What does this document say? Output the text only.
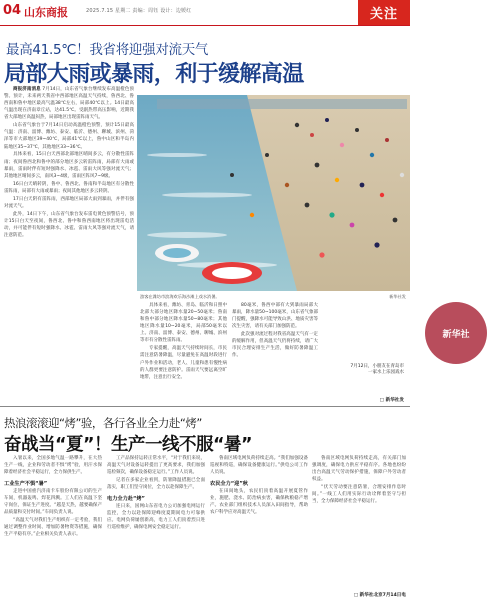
04 山东商报	2025.7.15 星期二 责编：周钰 设计：边媛红	关注
最高41.5℃！我省将迎强对流天气
局部大雨或暴雨，利于缓解高温

商报济南消息 7月14日，山东省气象台继续发布高温橙色预警。预计，未来两天我省中西部地区高温天气持续，鲁西北、鲁西南和鲁中地区最高气温38℃左右，局部40℃以上。14日最高气温出现在济南章丘站，达41.5℃。受副热带高压影响，近期我省大部地区高温闷热，局部地区出现雷阵雨天气。

山东省气象台于7月14日启动高温橙色预警，预计15日最高气温：济南、淄博、潍坊、泰安、临沂、德州、聊城、滨州、菏泽等市大部地区39~40℃，局部41℃以上，鲁中山区和半岛内陆地区35~37℃，其他地区33~36℃。

具体来看，15日白天西部北部地区晴间多云，有分散性雷阵雨；夜间鲁西北和鲁中的部分地区多云转雷阵雨，局部有大雨或暴雨，雷雨时伴有短时强降水、冰雹、雷雨大风等强对流天气；其他地区晴间多云，南风3~4级，雷雨区阵风7~9级。

16日白天晴转阴，鲁中、鲁西北、鲁南和半岛地区有分散性雷阵雨，局部有大雨或暴雨；夜间其他地区多云转阴。

17日白天阴有雷阵雨，西部地区局部大雨到暴雨，并伴有强对流天气。

此外，14日下午，山东省气象台发布雷电黄色预警信号，预计15日白天至夜间，鲁西北、鲁中和鲁西南地区将出现雷电活动，并可能伴有短时强降水、冰雹、雷雨大风等强对流天气，请注意防范。

新华社
7月12日，小朋友在青岛市
一家水上乐园戏水
游客在潍坊市滨海欢乐海沙滩上戏水消暑。	新华社发

具体来看，潍坊、青岛、临沂和日照中北部大部分地区降水量20~50毫米；鲁南和鲁中部分地区降水量50~80毫米；其他地区降水量10~20毫米，局部50毫米以上。济南、淄博、泰安、德州、聊城、滨州等市有分散性雷阵雨。

专家提醒，高温天气持续时间长，市民需注意防暑降温，尽量避免在高温时段进行户外作业和活动，老人、儿童和患有慢性病的人群更要注意防护。雷雨天气要远离空旷地带，注意出行安全。

80毫米，鲁西中部有大到暴雨局部大暴雨，降水量50~100毫米，山东省气象部门提醒，强降水可能导致山洪、地质灾害等次生灾害，请有关部门加强防范。

此次强对流过程对我省高温天气有一定的缓解作用，但高温天气仍将持续，请广大市民合理安排生产生活，做好防暑降温工作。

□ 新华社发
热浪滚滚迎“烤”验，各行各业全力赴“烤”
奋战当“夏”！生产一线不服“暑”

入暑以来，全国多地气温一路攀升，在大热生产一线，企业和劳动者不惧“烤”验，用汗水保障着经济社会平稳运行，全力保供生产。

工业生产不惧“暑”

走进中国重汽济南卡车股份有限公司的生产车间，机器轰鸣、焊花四溅。工人们在高温下坚守岗位，保证生产进度。“越是天热，越要确保产品质量和交付时间。”车间负责人说。

“高温天气对我们生产组织有一定考验，我们通过调整作业时间、增加防暑物资等措施，确保生产平稳有序。”企业相关负责人表示。

工产品保持运转正常水平，“对于我们来说，高温天气对设备运转提出了更高要求，我们加强巡检频次，确保设备稳定运行。”工作人员说。

记者在多家企业看到，防暑降温措施已全面落实，职工们坚守岗位，全力以赴保障生产。

电力全力赴“烤”

连日来，国网山东省电力公司加强电网运行监控，全力以赴保障迎峰度夏期间电力可靠供应。电网负荷屡创新高，电力工人们顶着烈日进行巡检维护，确保电网安全稳定运行。

鲁南区域电网负荷持续走高。“我们加强设备巡视和特巡，确保设备健康运行。”供电公司工作人员说。

农民全力“迎”秋

在田间地头，农民们顶着高温开展夏管作业，施肥、浇水、防治病虫害，确保秋粮稳产增产。农业部门组织技术人员深入田间指导，帮助农户科学应对高温天气。

鲁南区域电网负荷持续走高，有关部门加强调度，确保电力供应平稳有序。各地也纷纷出台高温天气劳动保护措施，保障户外劳动者权益。

“伏天劳动要注意防暑，合理安排作息时间。”一线工人们用实际行动诠释着坚守与担当，全力保障经济社会平稳运行。

□ 新华社北京7月14日电
